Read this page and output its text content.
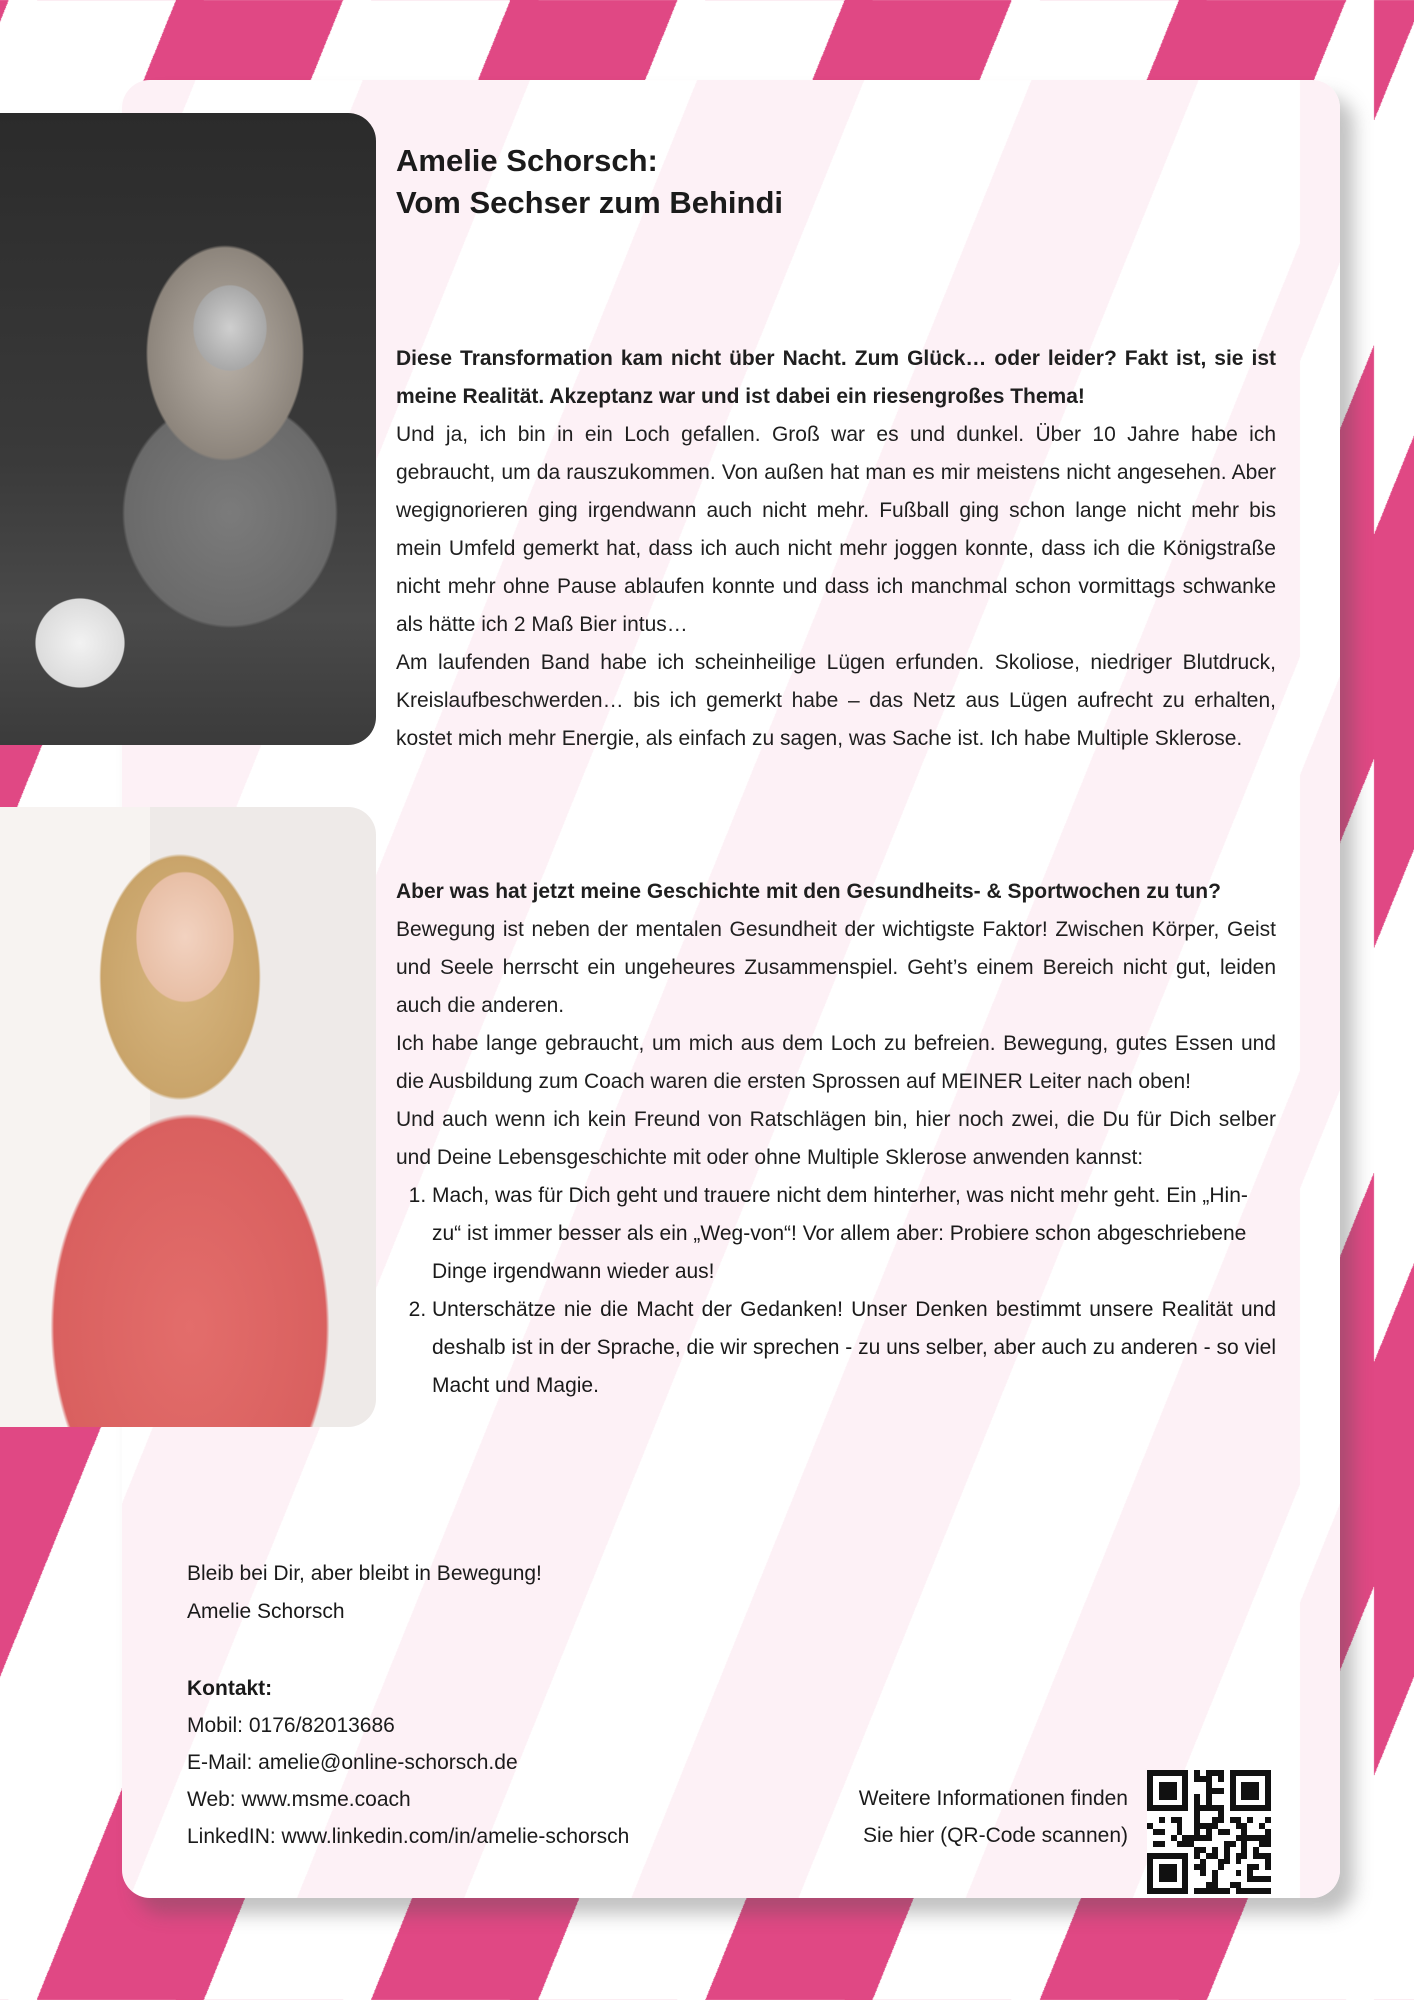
Amelie Schorsch:
Vom Sechser zum Behindi

Diese Transformation kam nicht über Nacht. Zum Glück… oder leider? Fakt ist, sie ist meine Realität. Akzeptanz war und ist dabei ein riesengroßes Thema!

Und ja, ich bin in ein Loch gefallen. Groß war es und dunkel. Über 10 Jahre habe ich gebraucht, um da rauszukommen. Von außen hat man es mir meistens nicht angesehen. Aber wegignorieren ging irgendwann auch nicht mehr. Fußball ging schon lange nicht mehr bis mein Umfeld gemerkt hat, dass ich auch nicht mehr joggen konnte, dass ich die Königstraße nicht mehr ohne Pause ablaufen konnte und dass ich manchmal schon vormittags schwanke als hätte ich 2 Maß Bier intus…

Am laufenden Band habe ich scheinheilige Lügen erfunden. Skoliose, niedriger Blutdruck, Kreislaufbeschwerden… bis ich gemerkt habe – das Netz aus Lügen aufrecht zu erhalten, kostet mich mehr Energie, als einfach zu sagen, was Sache ist. Ich habe Multiple Sklerose.

Aber was hat jetzt meine Geschichte mit den Gesundheits- & Sportwochen zu tun?

Bewegung ist neben der mentalen Gesundheit der wichtigste Faktor! Zwischen Körper, Geist und Seele herrscht ein ungeheures Zusammenspiel. Geht’s einem Bereich nicht gut, leiden auch die anderen.

Ich habe lange gebraucht, um mich aus dem Loch zu befreien. Bewegung, gutes Essen und die Ausbildung zum Coach waren die ersten Sprossen auf MEINER Leiter nach oben!

Und auch wenn ich kein Freund von Ratschlägen bin, hier noch zwei, die Du für Dich selber und Deine Lebensgeschichte mit oder ohne Multiple Sklerose anwenden kannst:

1. Mach, was für Dich geht und trauere nicht dem hinterher, was nicht mehr geht. Ein „Hin-zu“ ist immer besser als ein „Weg-von“! Vor allem aber: Probiere schon abgeschriebene Dinge irgendwann wieder aus!
2. Unterschätze nie die Macht der Gedanken! Unser Denken bestimmt unsere Realität und deshalb ist in der Sprache, die wir sprechen - zu uns selber, aber auch zu anderen - so viel Macht und Magie.
Bleib bei Dir, aber bleibt in Bewegung!
Amelie Schorsch
Kontakt:
Mobil: 0176/82013686
E-Mail: amelie@online-schorsch.de
Web: www.msme.coach
LinkedIN: www.linkedin.com/in/amelie-schorsch
Weitere Informationen finden
Sie hier (QR-Code scannen)
